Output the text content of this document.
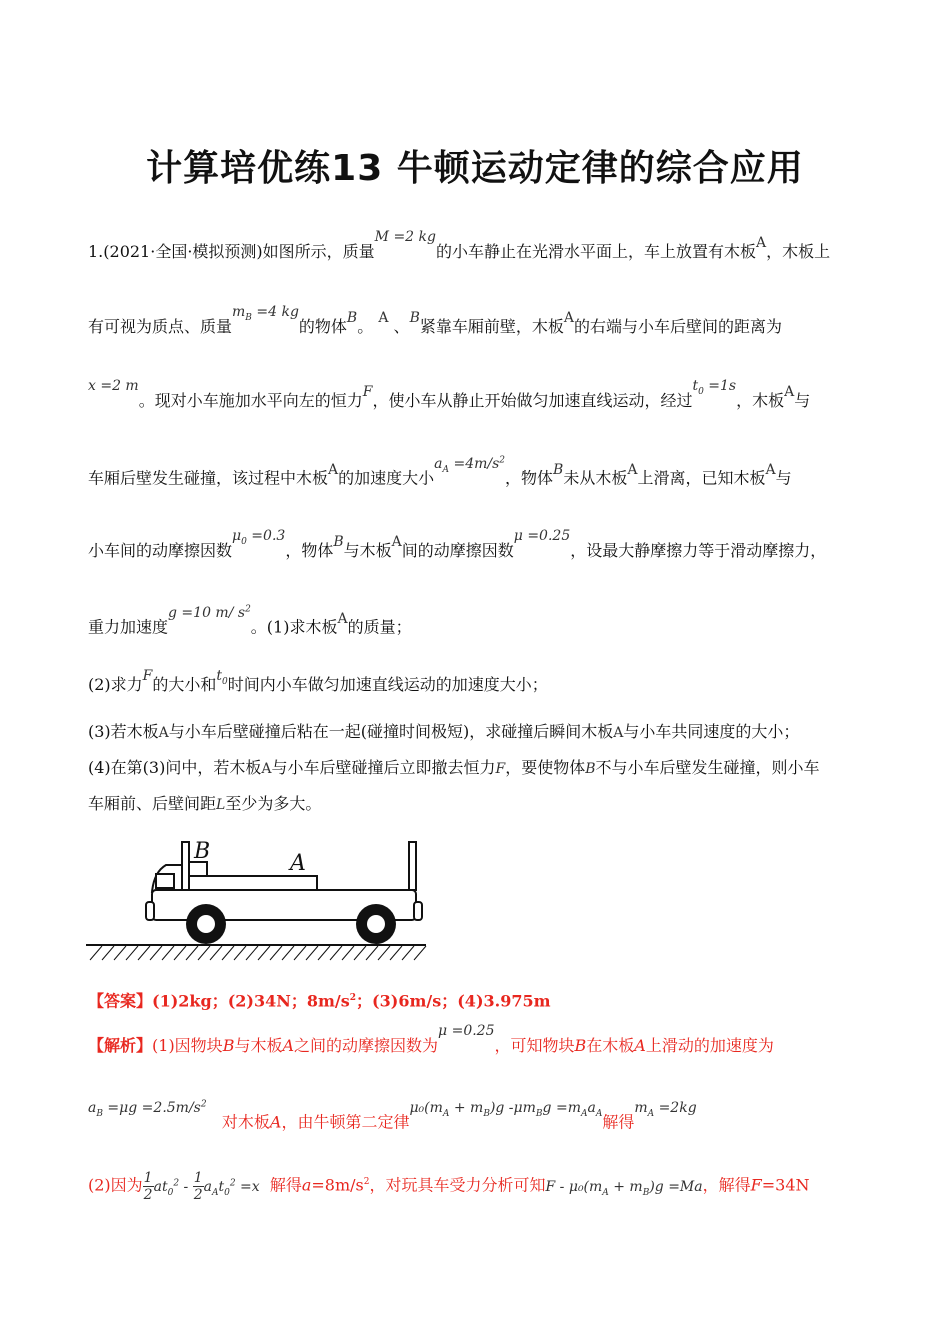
计算培优练13 牛顿运动定律的综合应用
1.(2021·全国·模拟预测)如图所示，质量M =2 kg的小车静止在光滑水平面上，车上放置有木板A，木板上
有可视为质点、质量$m_B =4$ kg的物体B。 A 、B紧靠车厢前壁，木板A的右端与小车后壁间的距离为
x =2 m。现对小车施加水平向左的恒力F，使小车从静止开始做匀加速直线运动，经过$t_0 =1s$，木板A与
车厢后壁发生碰撞，该过程中木板A的加速度大小$a_A =4m/s^2$，物体B未从木板A上滑离，已知木板A与
小车间的动摩擦因数$\mu_0 =0.3$，物体B与木板A间的动摩擦因数μ =0.25，设最大静摩擦力等于滑动摩擦力，
重力加速度g =10 m/ $s^2$。(1)求木板A的质量；
(2)求力F的大小和$t_0$时间内小车做匀加速直线运动的加速度大小；
(3)若木板A与小车后壁碰撞后粘在一起(碰撞时间极短)，求碰撞后瞬间木板A与小车共同速度的大小；
(4)在第(3)问中，若木板A与小车后壁碰撞后立即撤去恒力F，要使物体B不与小车后壁发生碰撞，则小车
车厢前、后壁间距L至少为多大。
B	A
【答案】(1)2kg；(2)34N；$8m/s^2$；(3)6m/s；(4)3.975m
【解析】(1)因物块B与木板A之间的动摩擦因数为μ =0.25，可知物块B在木板A上滑动的加速度为
$a_B =\mu g =2.5m/s^2$   对木板A，由牛顿第二定律$\mu_0(m_A + m_B)g$ $-\mu m_Bg =m_Aa_A$解得$m_A =2kg$
(2)因为 $\frac{1}{2} at_0^2 - \frac{1}{2} a_At_0^2 =x$ 解得$a=8m/s^2$，对玩具车受力分析可知$F - \mu_0(m_A + m_B)g =Ma$，解得F=34N
